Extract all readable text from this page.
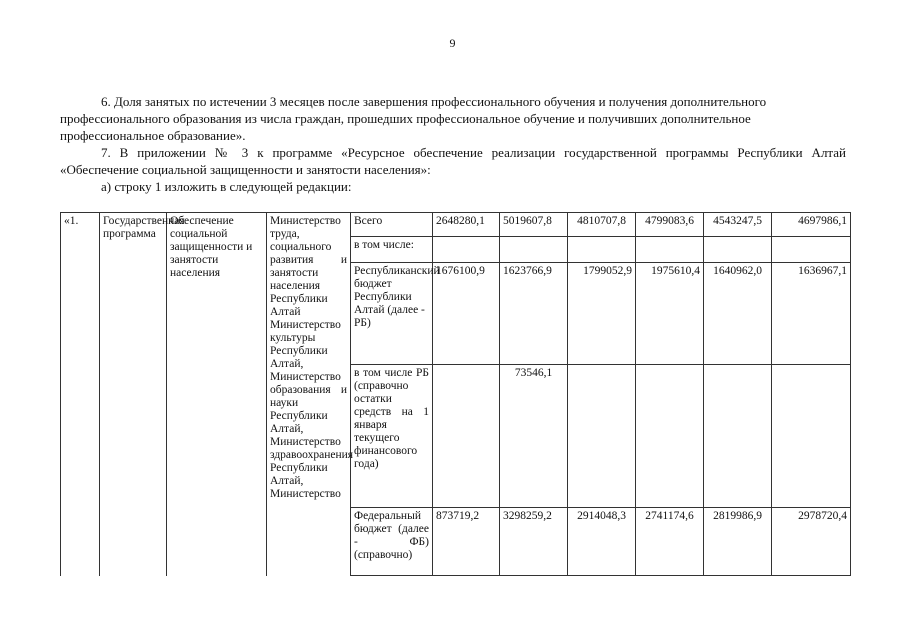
9

6. Доля занятых по истечении 3 месяцев после завершения профессионального обучения и получения дополнительного профессионального образования из числа граждан, прошедших профессиональное обучение и получивших дополнительное профессиональное образование».

7. В приложении № 3 к программе «Ресурсное обеспечение реализации государственной программы Республики Алтай «Обеспечение социальной защищенности и занятости населения»:

а) строку 1 изложить в следующей редакции:

«1.	Государственная программа	Обеспечение социальной защищенности и занятости населения	Министерство труда, социального развития и занятости населения Республики Алтай Министерство культуры Республики Алтай, Министерство образования и науки Республики Алтай, Министерство здравоохранения Республики Алтай, Министерство	Всего	2648280,1	5019607,8	4810707,8	4799083,6	4543247,5	4697986,1
				в том числе:						
				Республиканский бюджет Республики Алтай (далее - РБ)	1676100,9	1623766,9	1799052,9	1975610,4	1640962,0	1636967,1
				в том числе РБ (справочно остатки средств на 1 января текущего финансового года)		73546,1				
				Федеральный бюджет (далее - ФБ) (справочно)	873719,2	3298259,2	2914048,3	2741174,6	2819986,9	2978720,4
